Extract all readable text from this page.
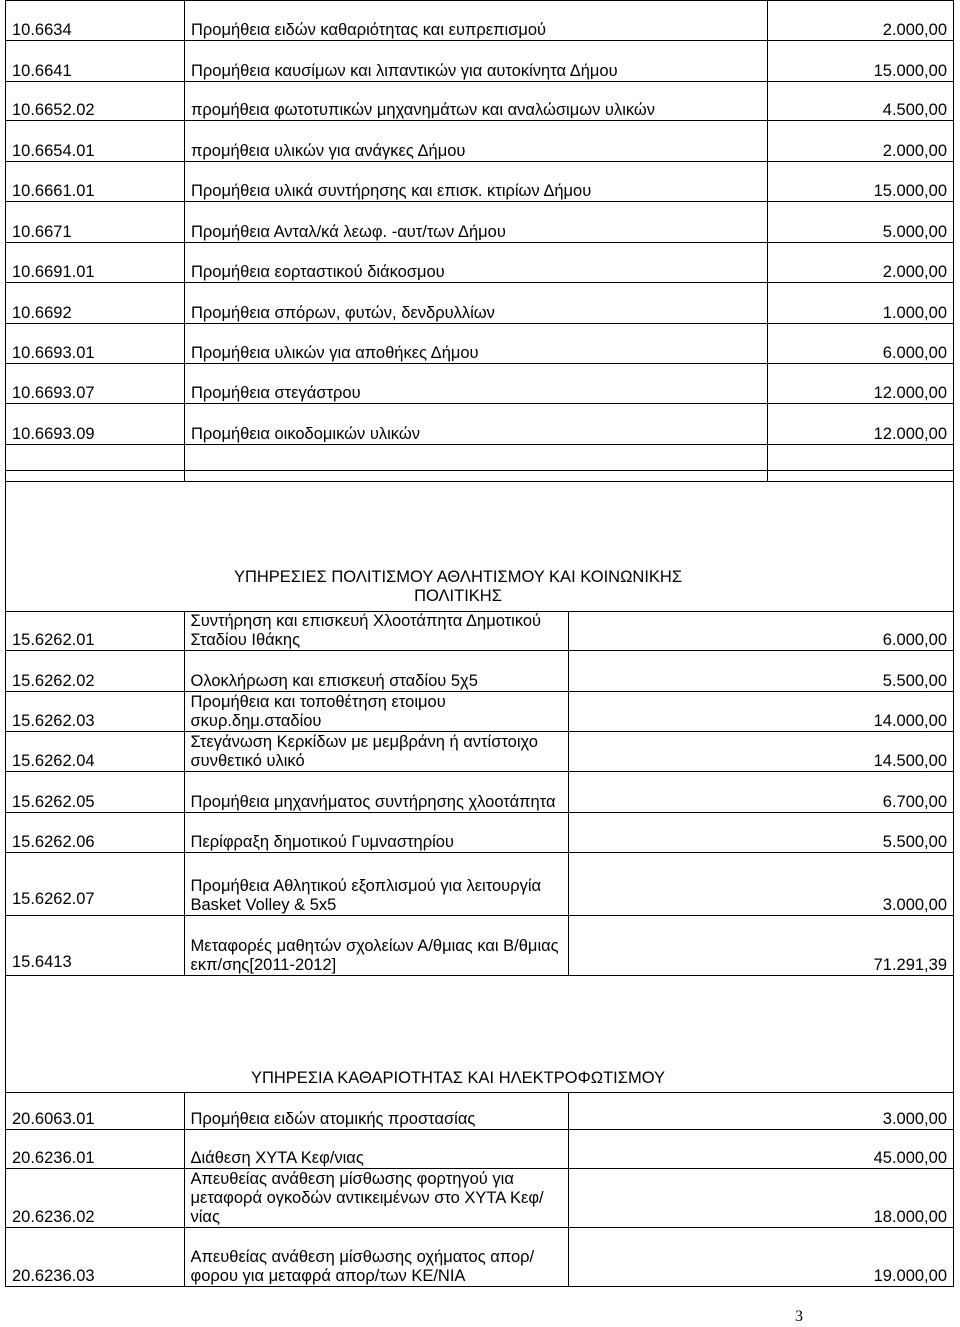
10.6634	Προμήθεια ειδών καθαριότητας και ευπρεπισμού	2.000,00
10.6641	Προμήθεια καυσίμων και λιπαντικών για αυτοκίνητα Δήμου	15.000,00
10.6652.02	προμήθεια φωτοτυπικών μηχανημάτων και αναλώσιμων υλικών	4.500,00
10.6654.01	προμήθεια υλικών για ανάγκες Δήμου	2.000,00
10.6661.01	Προμήθεια υλικά συντήρησης και επισκ. κτιρίων Δήμου	15.000,00
10.6671	Προμήθεια Ανταλ/κά λεωφ. -αυτ/των Δήμου	5.000,00
10.6691.01	Προμήθεια εορταστικού διάκοσμου	2.000,00
10.6692	Προμήθεια σπόρων, φυτών, δενδρυλλίων	1.000,00
10.6693.01	Προμήθεια υλικών για αποθήκες Δήμου	6.000,00
10.6693.07	Προμήθεια στεγάστρου	12.000,00
10.6693.09	Προμήθεια οικοδομικών υλικών	12.000,00

	ΥΠΗΡΕΣΙΕΣ ΠΟΛΙΤΙΣΜΟΥ ΑΘΛΗΤΙΣΜΟΥ ΚΑΙ ΚΟΙΝΩΝΙΚΗΣ ΠΟΛΙΤΙΚΗΣ	

15.6262.01	Συντήρηση και επισκευή Χλοοτάπητα Δημοτικού Σταδίου Ιθάκης	6.000,00
15.6262.02	Ολοκλήρωση και επισκευή σταδίου 5χ5	5.500,00
15.6262.03	Προμήθεια και τοποθέτηση ετοιμου σκυρ.δημ.σταδίου	14.000,00
15.6262.04	Στεγάνωση Κερκίδων με μεμβράνη ή αντίστοιχο συνθετικό υλικό	14.500,00
15.6262.05	Προμήθεια μηχανήματος συντήρησης χλοοτάπητα	6.700,00
15.6262.06	Περίφραξη δημοτικού Γυμναστηρίου	5.500,00
15.6262.07	Προμήθεια Αθλητικού εξοπλισμού για λειτουργία Basket Volley & 5x5	3.000,00
15.6413	Μεταφορές μαθητών σχολείων Α/θμιας και Β/θμιας εκπ/σης[2011-2012]	71.291,39

	ΥΠΗΡΕΣΙΑ ΚΑΘΑΡΙΟΤΗΤΑΣ ΚΑΙ ΗΛΕΚΤΡΟΦΩΤΙΣΜΟΥ	

20.6063.01	Προμήθεια ειδών ατομικής προστασίας	3.000,00
20.6236.01	Διάθεση ΧΥΤΑ Κεφ/νιας	45.000,00
20.6236.02	Απευθείας ανάθεση μίσθωσης φορτηγού για μεταφορά ογκοδών αντικειμένων στο ΧΥΤΑ Κεφ/νίας	18.000,00
20.6236.03	Απευθείας ανάθεση μίσθωσης οχήματος απορ/φορου για μεταφρά απορ/των ΚΕ/ΝΙΑ	19.000,00
3
